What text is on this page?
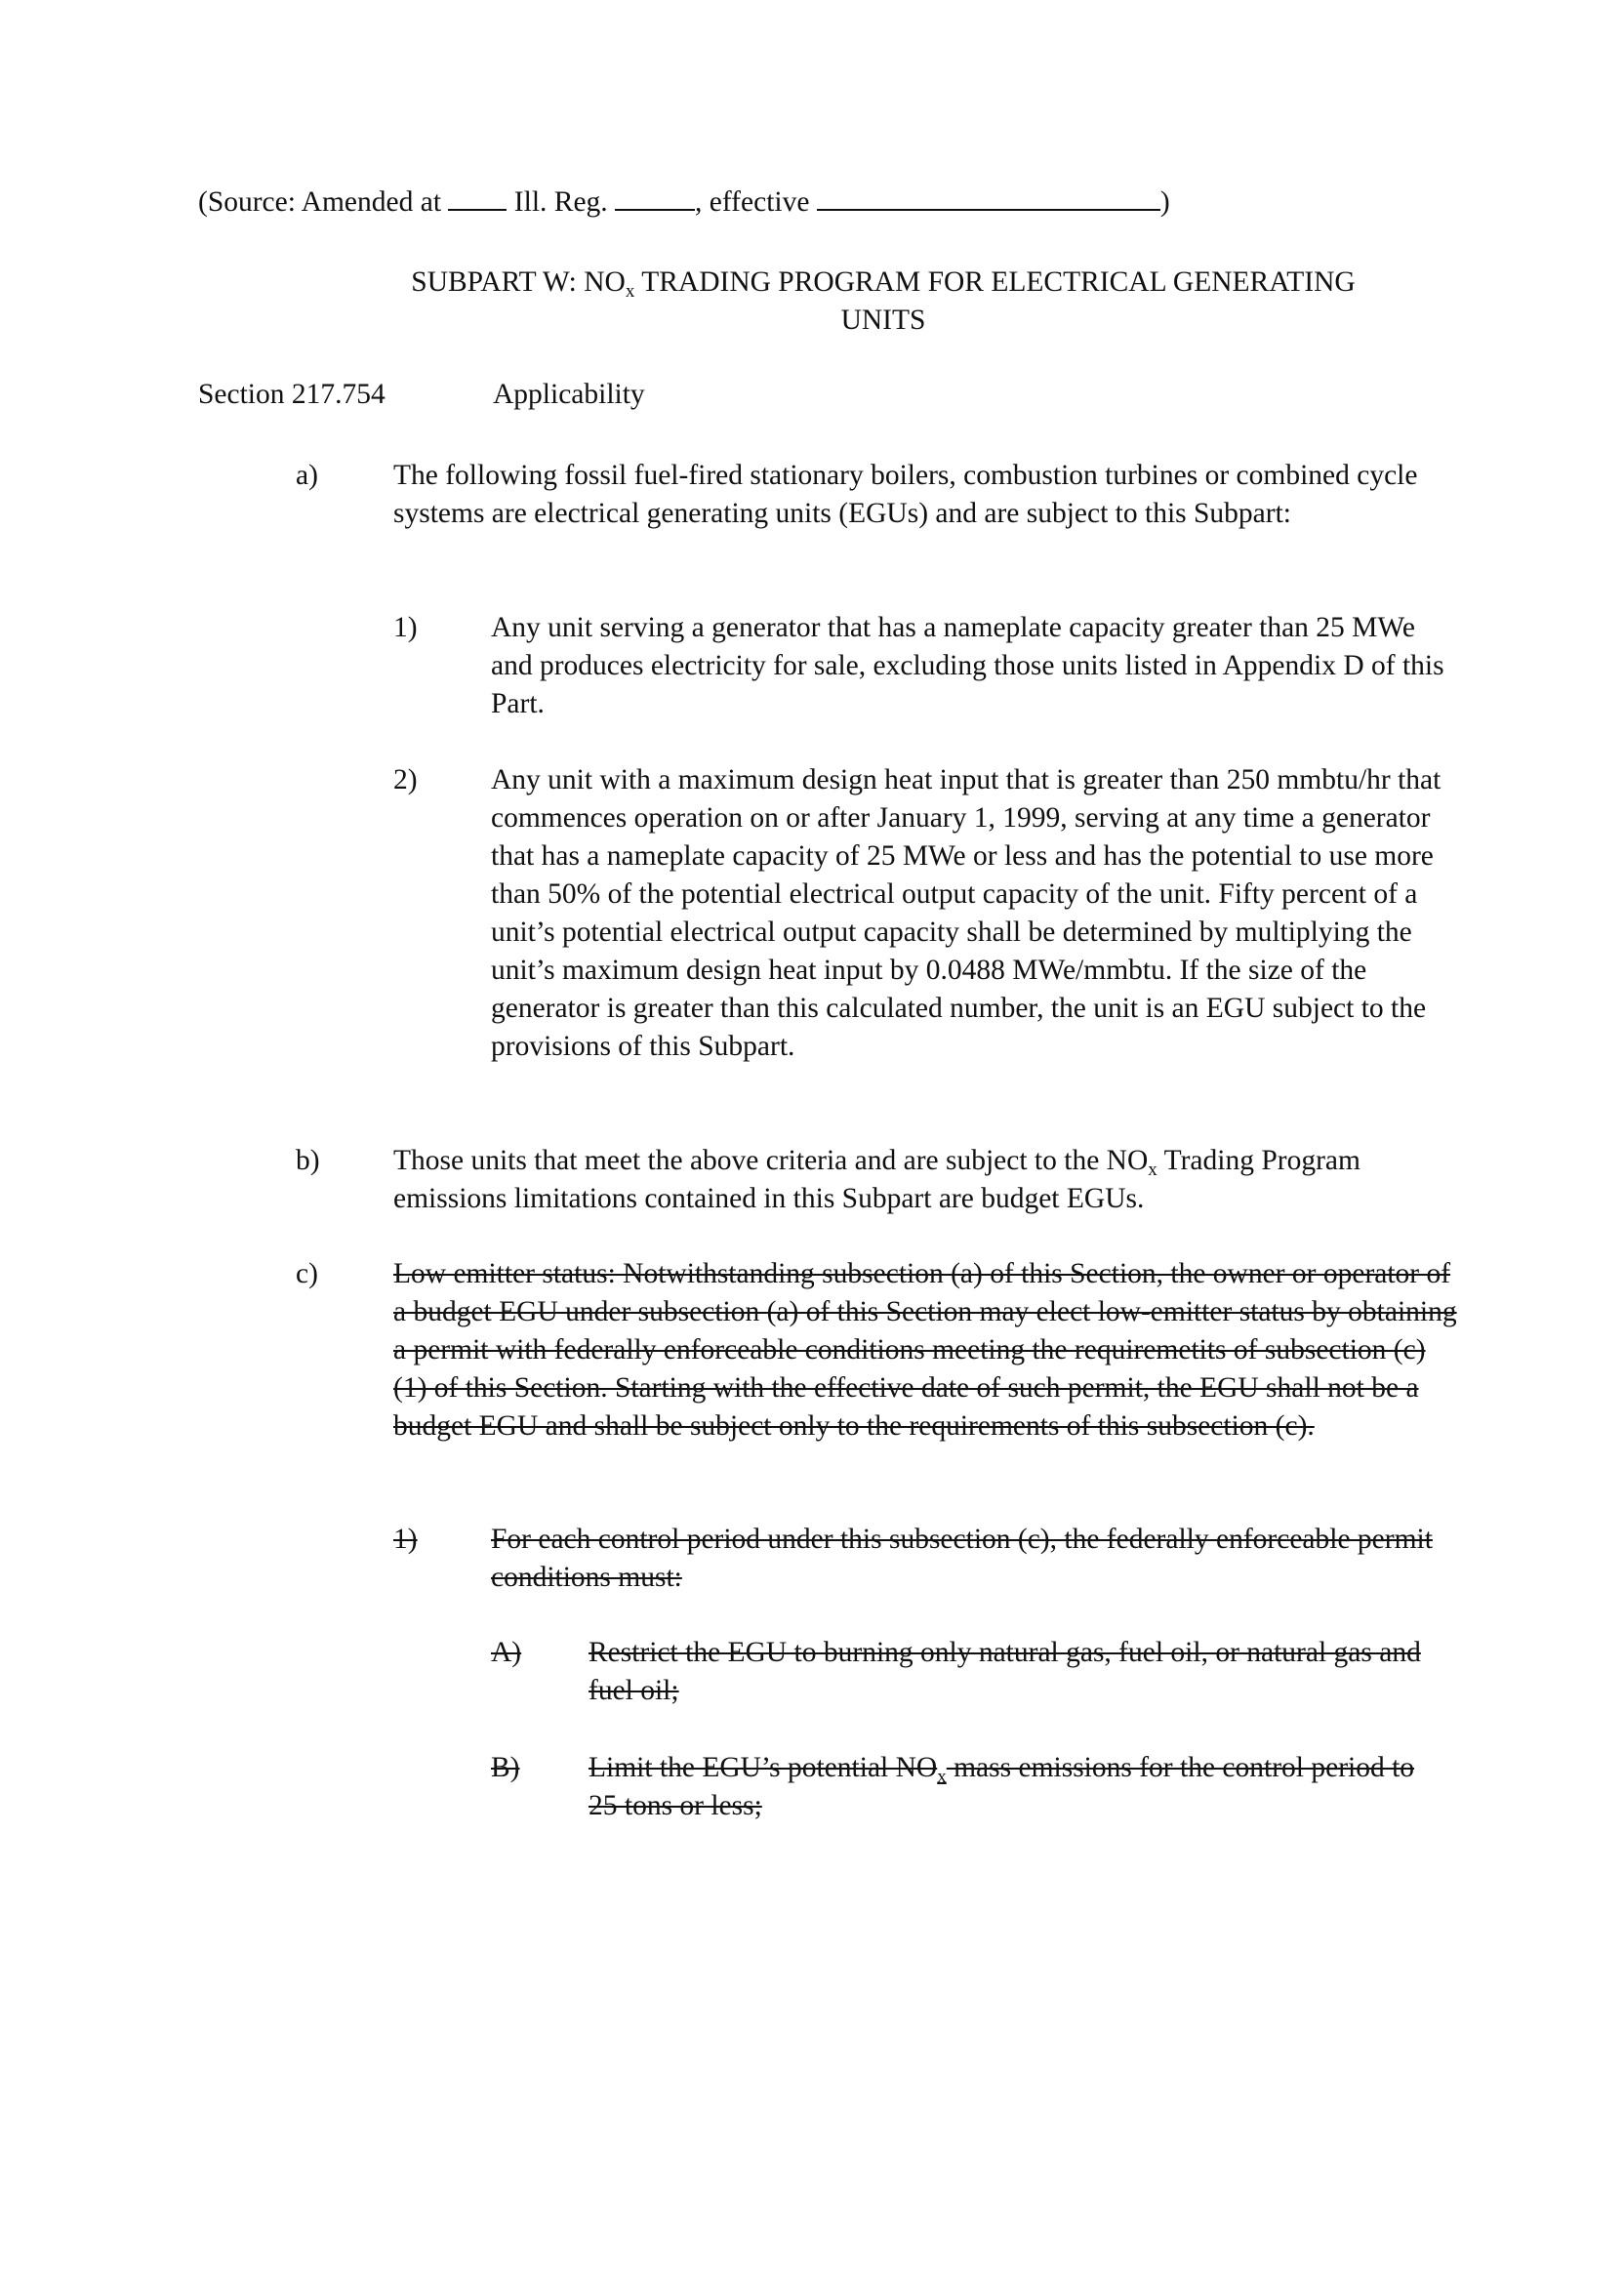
(Source: Amended at	Ill. Reg.	, effective	)
SUBPART W: $NO_x$ TRADING PROGRAM FOR ELECTRICAL GENERATING
UNITS
Section 217.754	Applicability
a)	The following fossil fuel-fired stationary boilers, combustion turbines or combined cycle systems are electrical generating units (EGUs) and are subject to this Subpart:
1)	Any unit serving a generator that has a nameplate capacity greater than 25 MWe and produces electricity for sale, excluding those units listed in Appendix D of this Part.
2)	Any unit with a maximum design heat input that is greater than 250 mmbtu/hr that commences operation on or after January 1, 1999, serving at any time a generator that has a nameplate capacity of 25 MWe or less and has the potential to use more than 50% of the potential electrical output capacity of the unit. Fifty percent of a unit’s potential electrical output capacity shall be determined by multiplying the unit’s maximum design heat input by 0.0488 MWe/mmbtu. If the size of the generator is greater than this calculated number, the unit is an EGU subject to the provisions of this Subpart.
b)	Those units that meet the above criteria and are subject to the $NO_x$ Trading Program emissions limitations contained in this Subpart are budget EGUs.
c)	Low emitter status: Notwithstanding subsection (a) of this Section, the owner or operator of a budget EGU under subsection (a) of this Section may elect low-emitter status by obtaining a permit with federally enforceable conditions meeting the requiremetits of subsection (c)(1) of this Section. Starting with the effective date of such permit, the EGU shall not be a budget EGU and shall be subject only to the requirements of this subsection (c).
1)	For each control period under this subsection (c), the federally enforceable permit conditions must:
A)	Restrict the EGU to burning only natural gas, fuel oil, or natural gas and fuel oil;
B)	Limit the EGU’s potential $NO_x$ mass emissions for the control period to 25 tons or less;
